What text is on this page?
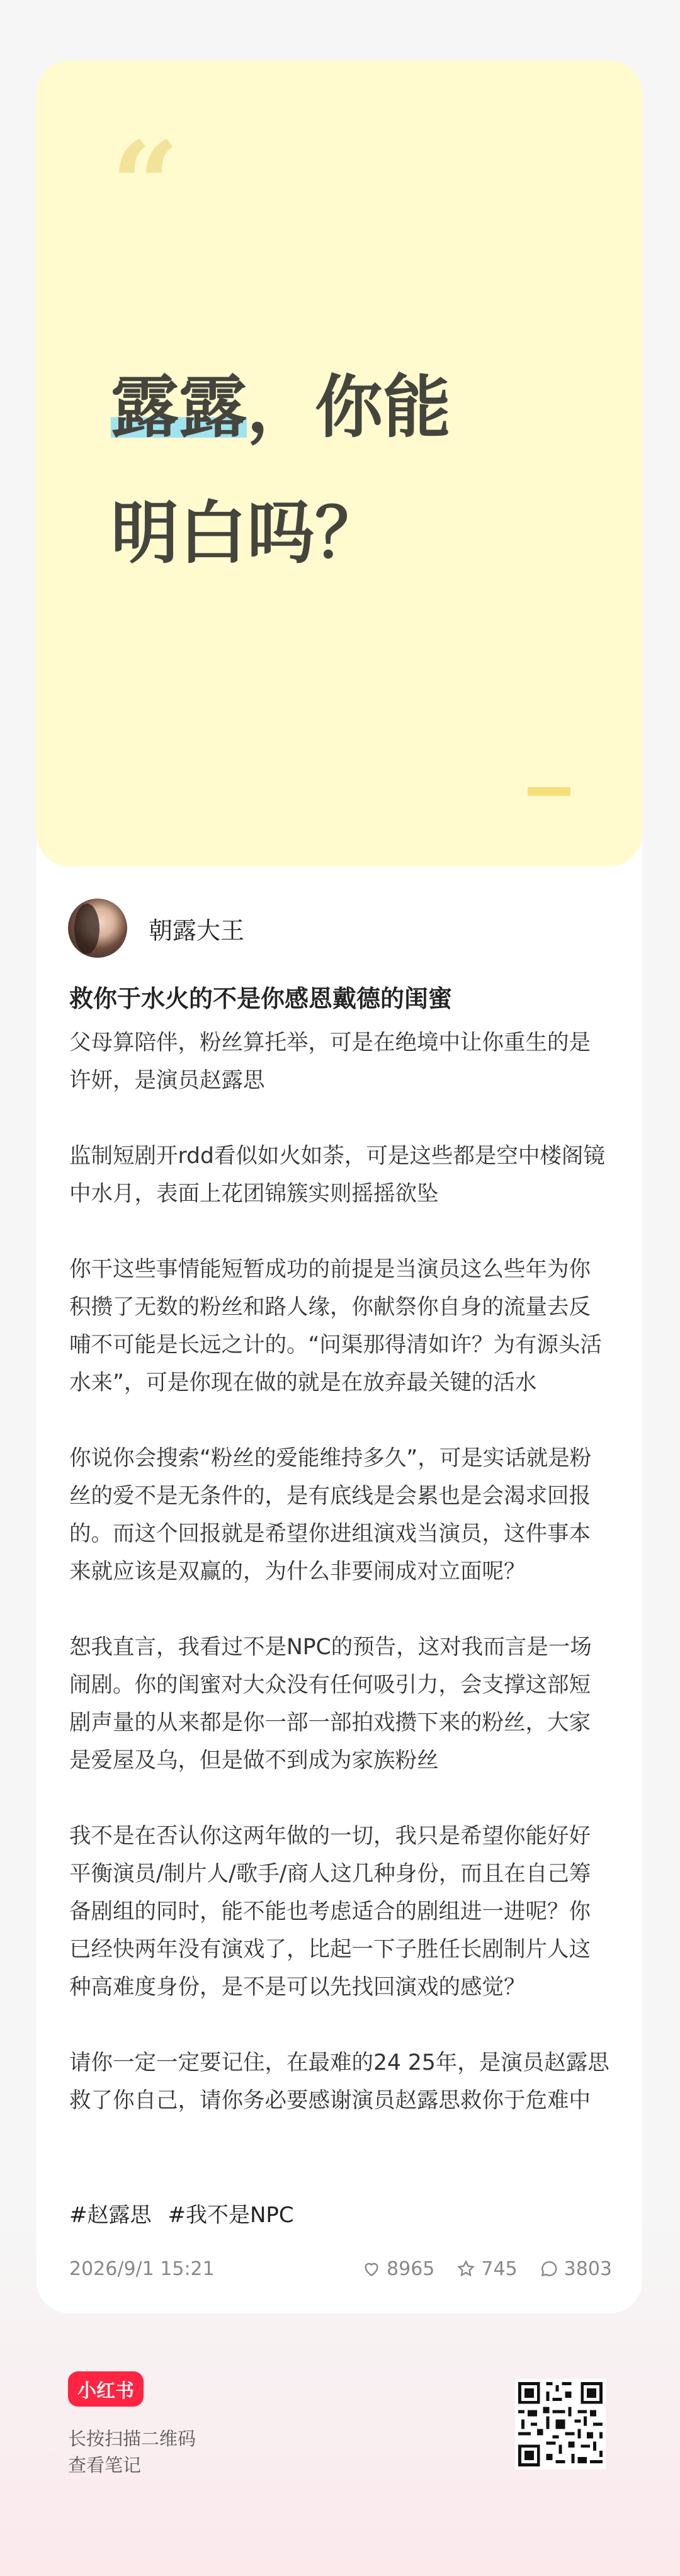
“
露露，你能
明白吗？
朝露大王
救你于水火的不是你感恩戴德的闺蜜

父母算陪伴，粉丝算托举，可是在绝境中让你重生的是许妍，是演员赵露思

监制短剧开rdd看似如火如荼，可是这些都是空中楼阁镜中水月，表面上花团锦簇实则摇摇欲坠

你干这些事情能短暂成功的前提是当演员这么些年为你积攒了无数的粉丝和路人缘，你献祭你自身的流量去反哺不可能是长远之计的。“问渠那得清如许？为有源头活水来”，可是你现在做的就是在放弃最关键的活水

你说你会搜索“粉丝的爱能维持多久”，可是实话就是粉丝的爱不是无条件的，是有底线是会累也是会渴求回报的。而这个回报就是希望你进组演戏当演员，这件事本来就应该是双赢的，为什么非要闹成对立面呢？

恕我直言，我看过不是NPC的预告，这对我而言是一场闹剧。你的闺蜜对大众没有任何吸引力，会支撑这部短剧声量的从来都是你一部一部拍戏攒下来的粉丝，大家是爱屋及乌，但是做不到成为家族粉丝

我不是在否认你这两年做的一切，我只是希望你能好好平衡演员/制片人/歌手/商人这几种身份，而且在自己筹备剧组的同时，能不能也考虑适合的剧组进一进呢？你已经快两年没有演戏了，比起一下子胜任长剧制片人这种高难度身份，是不是可以先找回演戏的感觉？

请你一定一定要记住，在最难的24 25年，是演员赵露思救了你自己，请你务必要感谢演员赵露思救你于危难中

#赵露思 #我不是NPC
2026/9/1 15:21	8965 745 3803
小红书
长按扫描二维码
查看笔记
